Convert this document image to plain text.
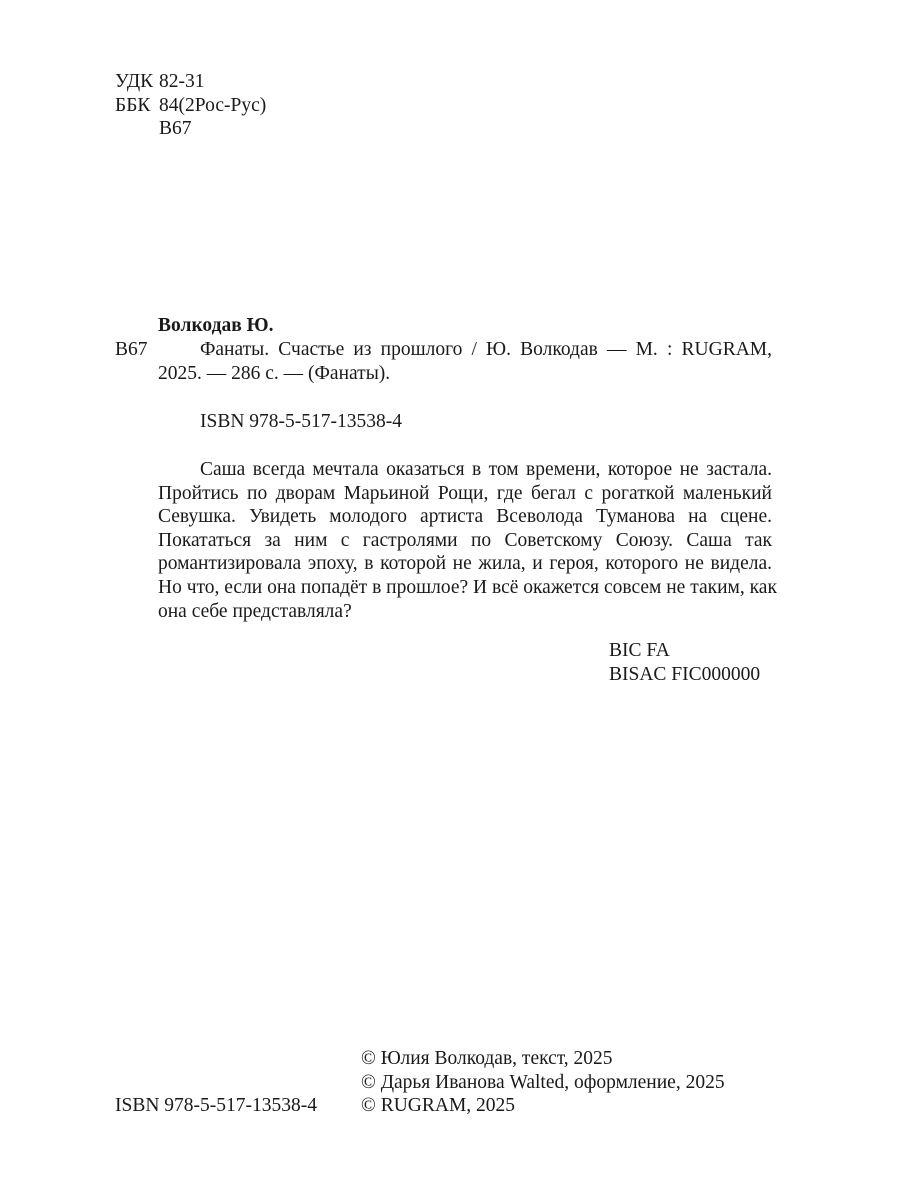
УДК 82-31
ББК 84(2Рос-Рус)
В67
Волкодав Ю.
В67	Фанаты. Счастье из прошлого / Ю. Волкодав — М. : RUGRAM,
2025. — 286 с. — (Фанаты).
ISBN 978-5-517-13538-4
Саша всегда мечтала оказаться в том времени, которое не застала.
Пройтись по дворам Марьиной Рощи, где бегал с рогаткой маленький
Севушка. Увидеть молодого артиста Всеволода Туманова на сцене.
Покататься за ним с гастролями по Советскому Союзу. Саша так
романтизировала эпоху, в которой не жила, и героя, которого не видела.
Но что, если она попадёт в прошлое? И всё окажется совсем не таким, как
она себе представляла?
BIC FA
BISAC FIC000000
© Юлия Волкодав, текст, 2025
© Дарья Иванова Walted, оформление, 2025
© RUGRAM, 2025
ISBN 978-5-517-13538-4
